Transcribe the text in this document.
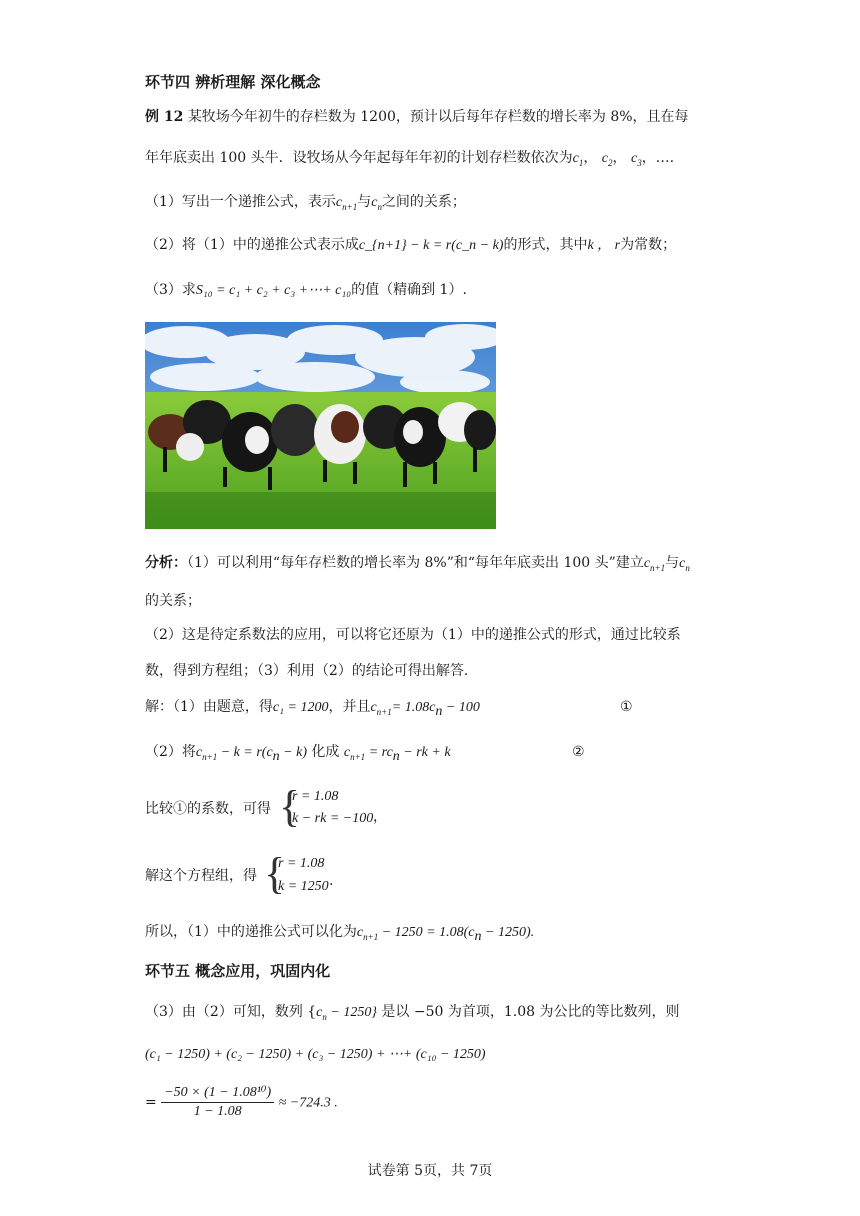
环节四 辨析理解 深化概念
例 12 某牧场今年初牛的存栏数为 1200，预计以后每年存栏数的增长率为 8%，且在每
年年底卖出 100 头牛．设牧场从今年起每年年初的计划存栏数依次为$c_1$， $c_2$， $c_3$，….
（1）写出一个递推公式，表示$c_{n+1}$与$c_n$之间的关系；
（2）将（1）中的递推公式表示成c_{n+1} − k = r(c_n − k)的形式，其中k ， r为常数；
（3）求S₁₀ = c₁ + c₂ + c₃ +⋯+ c₁₀的值（精确到 1）.
分析：（1）可以利用“每年存栏数的增长率为 8%”和“每年年底卖出 100 头”建立$c_{n+1}$与$c_n$
的关系；
（2）这是待定系数法的应用，可以将它还原为（1）中的递推公式的形式，通过比较系
数，得到方程组；（3）利用（2）的结论可得出解答.
解：（1）由题意，得c₁ = 1200，并且$c_{n+1}= 1.08c_n - 100$	①
（2）将$c_{n+1} - k = r(c_n - k)$ 化成 $c_{n+1} = rc_n$ − rk + k	②
比较①的系数，可得 {
r = 1.08
k − rk = −100 ，
解这个方程组，得 {
r = 1.08
k = 1250 .
所以，（1）中的递推公式可以化为$c_{n+1} - 1250 = 1.08(c_n - 1250)$.
环节五 概念应用，巩固内化
（3）由（2）可知，数列 $\{c_n - 1250\}$ 是以 −50 为首项，1.08 为公比的等比数列，则
(c₁ − 1250) + (c₂ − 1250) + (c₃ − 1250) + ⋯+ (c₁₀ − 1250)
= $\frac{\text{−50 × (1 − 1.08¹⁰)}}{1 - 1.08} \approx -724.3$ .
试卷第 5页，共 7页
